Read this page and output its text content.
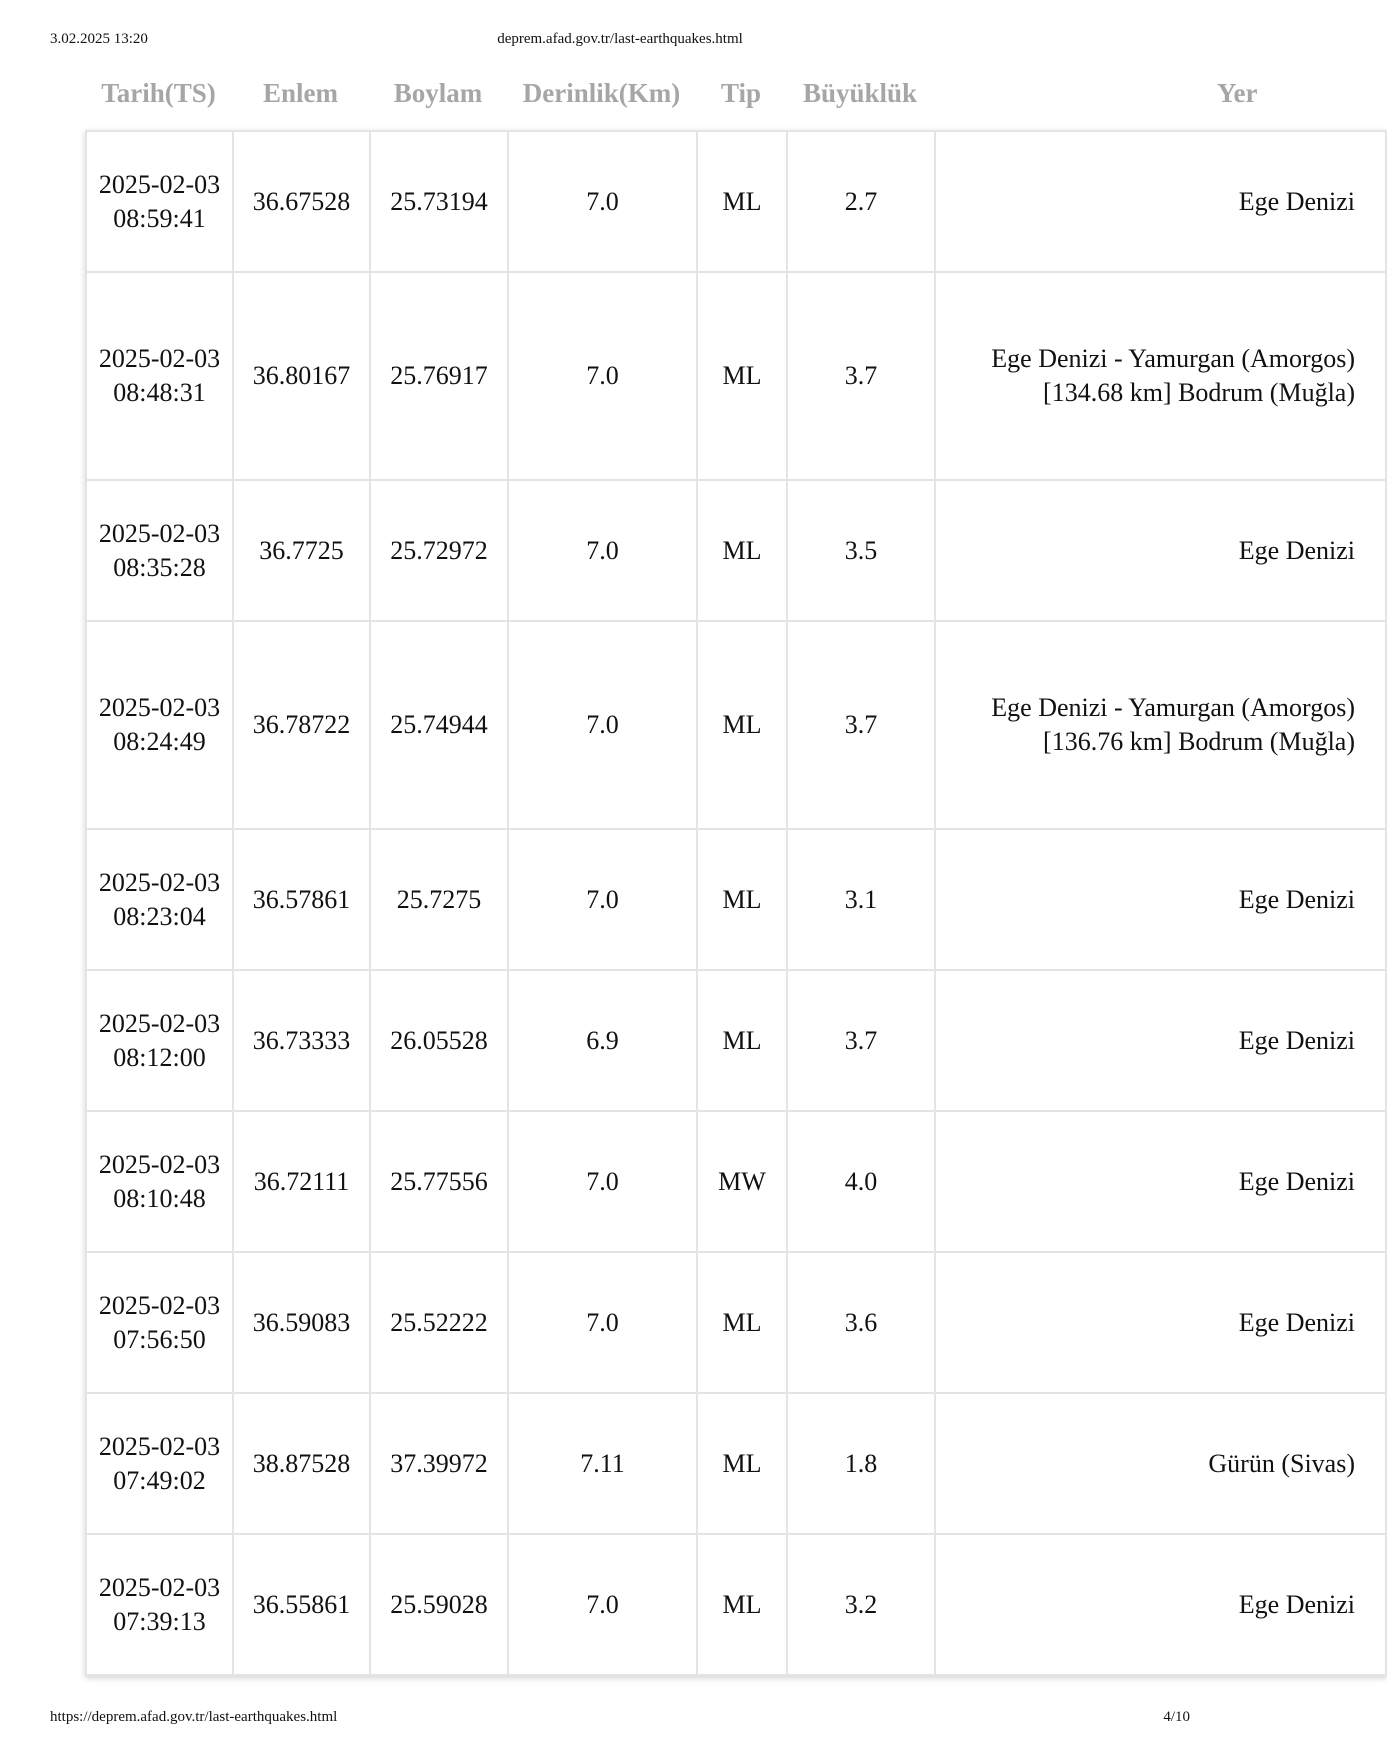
3.02.2025 13:20	deprem.afad.gov.tr/last-earthquakes.html
Tarih(TS)	Enlem	Boylam	Derinlik(Km)	Tip	Büyüklük	Yer
2025-02-03 08:59:41	36.67528	25.73194	7.0	ML	2.7	Ege Denizi
2025-02-03 08:48:31	36.80167	25.76917	7.0	ML	3.7	Ege Denizi - Yamurgan (Amorgos) [134.68 km] Bodrum (Muğla)
2025-02-03 08:35:28	36.7725	25.72972	7.0	ML	3.5	Ege Denizi
2025-02-03 08:24:49	36.78722	25.74944	7.0	ML	3.7	Ege Denizi - Yamurgan (Amorgos) [136.76 km] Bodrum (Muğla)
2025-02-03 08:23:04	36.57861	25.7275	7.0	ML	3.1	Ege Denizi
2025-02-03 08:12:00	36.73333	26.05528	6.9	ML	3.7	Ege Denizi
2025-02-03 08:10:48	36.72111	25.77556	7.0	MW	4.0	Ege Denizi
2025-02-03 07:56:50	36.59083	25.52222	7.0	ML	3.6	Ege Denizi
2025-02-03 07:49:02	38.87528	37.39972	7.11	ML	1.8	Gürün (Sivas)
2025-02-03 07:39:13	36.55861	25.59028	7.0	ML	3.2	Ege Denizi
https://deprem.afad.gov.tr/last-earthquakes.html	4/10
